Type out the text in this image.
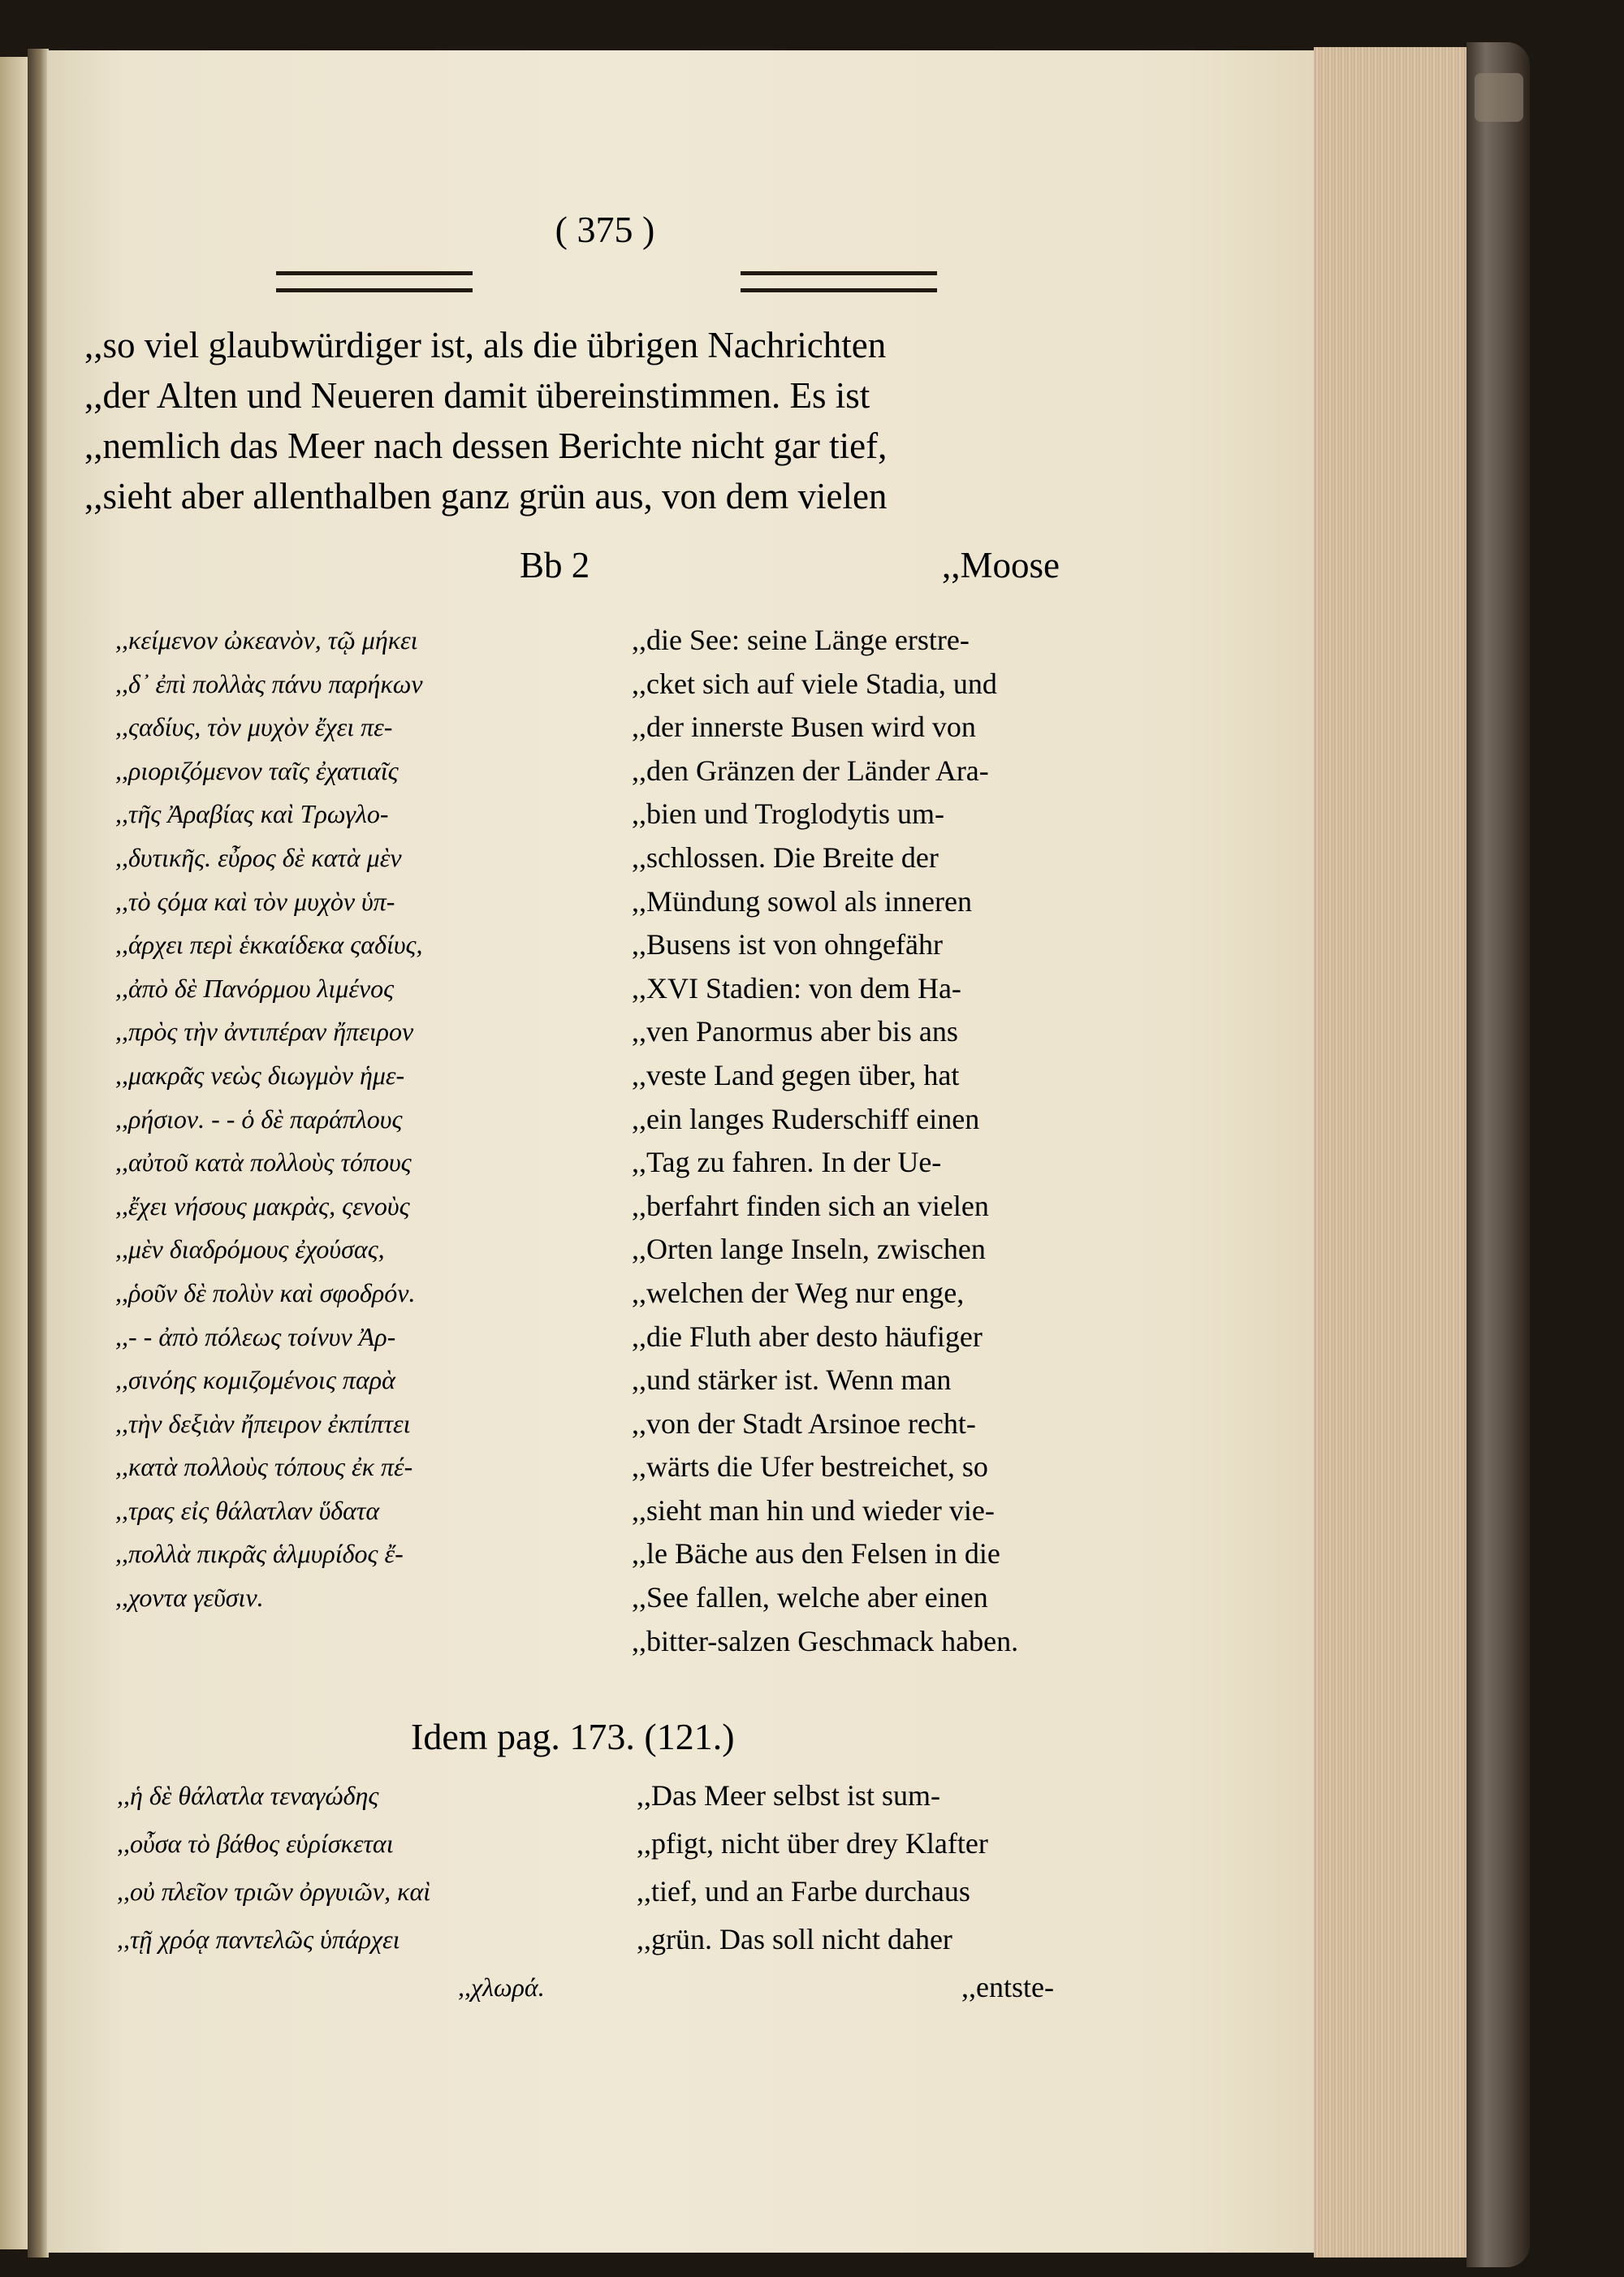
( 375 )
,,so viel glaubwürdiger ist, als die übrigen Nachrichten
,,der Alten und Neueren damit übereinstimmen. Es ist
,,nemlich das Meer nach dessen Berichte nicht gar tief,
,,sieht aber allenthalben ganz grün aus, von dem vielen
Bb 2	,,Moose
,,κείμενον ὠκεανὸν, τῷ μήκει
,,δ᾽ ἐπὶ πολλὰς πάνυ παρήκων
,,ςαδίυς, τὸν μυχὸν ἔχει πε-
,,ριοριζόμενον ταῖς ἐχατιαῖς
,,τῆς Ἀραβίας καὶ Τρωγλο-
,,δυτικῆς. εὖρος δὲ κατὰ μὲν
,,τὸ ςόμα καὶ τὸν μυχὸν ὑπ-
,,άρχει περὶ ἑκκαίδεκα ςαδίυς,
,,ἀπὸ δὲ Πανόρμου λιμένος
,,πρὸς τὴν ἀντιπέραν ἤπειρον
,,μακρᾶς νεὼς διωγμὸν ἡμε-
,,ρήσιον. - - ὁ δὲ παράπλους
,,αὐτοῦ κατὰ πολλοὺς τόπους
,,ἔχει νήσους μακρὰς, ςενοὺς
,,μὲν διαδρόμους ἐχούσας,
,,ῥοῦν δὲ πολὺν καὶ σφοδρόν.
,,- - ἀπὸ πόλεως τοίνυν Ἀρ-
,,σινόης κομιζομένοις παρὰ
,,τὴν δεξιὰν ἤπειρον ἐκπίπτει
,,κατὰ πολλοὺς τόπους ἐκ πέ-
,,τρας εἰς θάλατλαν ὕδατα
,,πολλὰ πικρᾶς ἁλμυρίδος ἔ-
,,χοντα γεῦσιν.
,,die See: seine Länge erstre-
,,cket sich auf viele Stadia, und
,,der innerste Busen wird von
,,den Gränzen der Länder Ara-
,,bien und Troglodytis um-
,,schlossen. Die Breite der
,,Mündung sowol als inneren
,,Busens ist von ohngefähr
,,XVI Stadien: von dem Ha-
,,ven Panormus aber bis ans
,,veste Land gegen über, hat
,,ein langes Ruderschiff einen
,,Tag zu fahren. In der Ue-
,,berfahrt finden sich an vielen
,,Orten lange Inseln, zwischen
,,welchen der Weg nur enge,
,,die Fluth aber desto häufiger
,,und stärker ist. Wenn man
,,von der Stadt Arsinoe recht-
,,wärts die Ufer bestreichet, so
,,sieht man hin und wieder vie-
,,le Bäche aus den Felsen in die
,,See fallen, welche aber einen
,,bitter-salzen Geschmack haben.
Idem pag. 173. (121.)
,,ἡ δὲ θάλατλα τεναγώδης
,,οὖσα τὸ βάθος εὑρίσκεται
,,οὐ πλεῖον τριῶν ὀργυιῶν, καὶ
,,τῇ χρόᾳ παντελῶς ὑπάρχει
,,χλωρά.
,,Das Meer selbst ist sum-
,,pfigt, nicht über drey Klafter
,,tief, und an Farbe durchaus
,,grün. Das soll nicht daher
,,entste-
